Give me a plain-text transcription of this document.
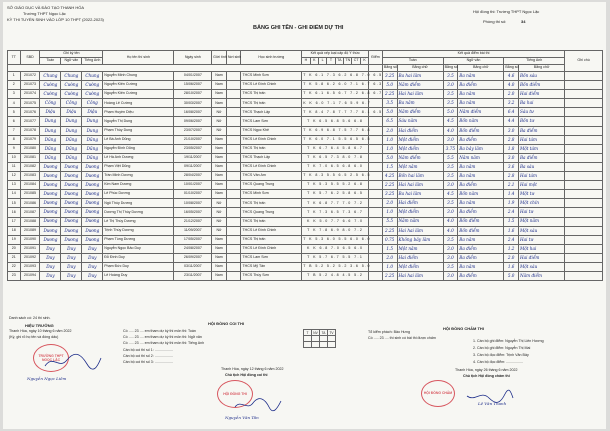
SỞ GIÁO DỤC VÀ ĐÀO TẠO THANH HÓA
Trường THPT Ngọc Lặc
KỲ THI TUYỂN SINH VÀO LỚP 10 THPT (2022-2023)
BẢNG GHI TÊN - GHI ĐIỂM DỰ THI
Hội đồng thi: Trường THPT Ngọc Lặc
Phòng thi số:	34
TT	SBD	Ghi ký tên			Họ tên thí sinh	Ngày sinh	Giới tính	Nơi sinh	Học sinh trường	Kết quả xếp loại cấp độ Ý thức								Điểm	Kết quả điểm bài thi						Ghi chú
		Toán	Ngữ văn	Tiếng Anh						H	K	L	T	TA	TN	CT	K		Toán		Ngữ văn		Tiếng Anh		
																			Bằng số	Bằng chữ	Bằng số	Bằng chữ	Bằng số	Bằng chữ	
1	201072	Chung	Chung	Chung	Nguyễn Minh Chung	04/01/2007	Nam		THCS Minh Sơn	T K 6.1 7.3 6.2 6.8 7.0 6.5									3.25	Ba hai lăm	3.5	Ba năm	4.6	Bốn sáu	
2	201073	Cường	Cường	Cường	Nguyễn Kiên Cường	15/06/2007	Nam		THCS Lê Đình Chinh	T K 5.8 6.2 6.0 7.1 6.7 6.3									5.0	Năm điểm	3.0	Ba điểm	4.0	Bốn điểm	
3	201074	Cường	Cường	Cường	Nguyễn Kiên Cường	28/10/2007	Nam		THCS Thị trấn	T K 6.1 6.5 6.7 7.2 6.8 6.7									2.25	Hai hai lăm	3.5	Ba năm	2.0	Hai điểm	
4	201075	Công	Công	Công	Hoàng Lê Cường	30/03/2007	Nam		THCS Thị trấn	K K 6.0 7.1 7.6 5.9 6.7									3.5	Ba năm	3.5	Ba năm	3.2	Ba hai	
5	201076	Diệu	Diệu	Diệu	Phạm Huyền Diệu	16/08/2007	Nữ		THCS Thạch Lập	T K 8.4 7.8 7.7 7.7 8.1 6.5									5.0	Năm điểm	5.0	Năm điểm	6.4	Sáu tư	
6	201077	Dung	Dung	Dung	Nguyễn Thị Dung	09/06/2007	Nữ		THCS Lam Sơn	T K 6.5 6.8 5.6 6.8									6.5	Sáu năm	4.5	Bốn năm	4.4	Bốn tư	
7	201078	Dung	Dung	Dung	Phạm Thùy Dung	23/07/2007	Nữ		THCS Ngọc Khê	T K 6.9 6.8 7.5 7.7 6.8									2.0	Hai điểm	4.0	Bốn điểm	3.0	Ba điểm	
8	201079	Dũng	Dũng	Dũng	Lê Bá Anh Dũng	21/10/2007	Nam		THCS Lê Đình Chinh	T K 6.0 7.1 5.5 6.5 6.5									1.0	Một điểm	3.0	Ba điểm	2.8	Hai tám	
9	201080	Dũng	Dũng	Dũng	Nguyễn Đình Dũng	23/05/2007	Nam		THCS Thị trấn	T K 6.7 6.4 5.8 6.7									1.0	Một điểm	3.75	Ba bảy lăm	1.8	Một tám	
10	201081	Dũng	Dũng	Dũng	Lê Hà Anh Dương	19/11/2007	Nam		THCS Thạch Lập	T K 6.5 7.3 8.0 7.8									5.0	Năm điểm	5.5	Năm năm	3.0	Ba điểm	
11	201082	Dương	Dương	Dương	Phạm Việt Dũng	09/11/2007	Nam		THCS Lê Đình Chinh	T K 7.0 6.5 6.8 6.0									1.5	Một năm	3.5	Ba năm	3.6	Ba sáu	
12	201083	Dương	Dương	Dương	Trần Minh Dương	28/04/2007	Nam		THCS Vân Am	T K 8.3 5.5 6.5 2.5 6.5									4.25	Bốn hai lăm	3.5	Ba năm	2.8	Hai tám	
13	201084	Dương	Dương	Dương	Kim Nam Dương	10/01/2007	Nam		THCS Quang Trung	T K 5.3 5.5 5.2 6.8									2.25	Hai hai lăm	3.0	Ba điểm	2.1	Hai một	
14	201085	Dương	Dương	Dương	Lê Phúc Dương	01/10/2007	Nam		THCS Minh Sơn	T K 5.7 6.2 5.8 6.5									3.25	Ba hai lăm	4.5	Bốn năm	1.4	Một tư	
15	201086	Dương	Dương	Dương	Ngô Thùy Dương	10/08/2007	Nữ		THCS Thị trấn	T K 6.8 7.7 7.0 7.2									2.0	Hai điểm	3.5	Ba năm	1.9	Một chín	
16	201087	Dương	Dương	Dương	Dương Thị Thùy Dương	16/05/2007	Nữ		THCS Quang Trung	T K 7.3 6.5 7.3 6.7									1.0	Một điểm	3.0	Ba điểm	2.4	Hai tư	
17	201088	Dương	Dương	Dương	Lê Thị Thùy Dương	21/12/2007	Nữ		THCS Thị trấn	K K 5.0 7.7 6.6 7.0									5.5	Năm năm	4.0	Bốn điểm	1.5	Một năm	
18	201089	Dương	Dương	Dương	Trịnh Thùy Dương	11/09/2007	Nữ		THCS Lê Đình Chinh	T K 7.8 6.9 8.0 7.2									2.25	Hai hai lăm	4.0	Bốn điểm	1.6	Một sáu	
19	201090	Dương	Dương	Dương	Phạm Tùng Dương	17/05/2007	Nam		THCS Thị trấn	T K 5.3 6.0 5.5 6.0 6.0									0.75	Không bảy lăm	3.5	Ba năm	2.4	Hai tư	
20	201091	Duy	Duy	Duy	Nguyễn Ngọc Bảo Duy	24/08/2007	Nam		THCS Lê Đình Chinh	K K 6.8 7.0 6.5 6.0									1.5	Một năm	3.0	Ba điểm	1.2	Một hai	
21	201092	Duy	Duy	Duy	Đỗ Đình Duy	26/09/2007	Nam		THCS Lam Sơn	T K 5.7 6.7 5.5 7.1									2.0	Hai điểm	3.0	Ba điểm	2.0	Hai điểm	
22	201093	Duy	Duy	Duy	Phạm Đức Duy	03/11/2007	Nam		THCS Mỹ Tân	T B 5.2 5.2 5.2 3.6 5.0									1.0	Một điểm	3.5	Ba năm	1.6	Một sáu	
23	201094	Duy	Duy	Duy	Lê Hoàng Duy	23/11/2007	Nam		THCS Thúy Sơn	T B 5.2 4.8 4.5 5.2									2.25	Hai hai lăm	3.0	Ba điểm	5.0	Năm điểm	
Danh sách có: 24 thí sinh.
HIỆU TRƯỞNG
Thanh Hóa, ngày 10 tháng 6 năm 2022
(Ký, ghi rõ họ tên và đóng dấu)
TRƯỜNG THPT NGỌC LẶC
Nguyễn Ngọc Liêm
HỘI ĐỒNG COI THI
Có ..... 23 .... em tham dự kỳ thi môn thi: Toán
Có ..... 23 .... em tham dự kỳ thi môn thi: Ngữ văn
Có ..... 23 .... em tham dự kỳ thi môn thi: Tiếng Anh
Cán bộ coi thi số 1: ..................
Cán bộ coi thi số 2: ..................
Cán bộ coi thi số 3: ..................
T	NV	TA	TV

Thanh Hóa, ngày 12 tháng 6 năm 2022
Chủ tịch Hội đồng coi thi
HỘI ĐỒNG THI
Nguyễn Văn Tân
HỘI ĐỒNG CHẤM THI
Tổ kiểm phách: Bảo Hưng
Có ..... 23 .... thí sinh có bài thi được chấm
1. Cán bộ ghi điểm: Nguyễn Thị Liên Hương
2. Cán bộ ghi điểm: Nguyễn Thị Mai
3. Cán bộ đọc điểm: Trịnh Văn Bảy
4. Cán bộ đọc điểm: .................
Thanh Hóa, ngày 26 tháng 6 năm 2022
Chủ tịch Hội đồng chấm thi
HỘI ĐỒNG CHẤM
Lê Văn Thanh
